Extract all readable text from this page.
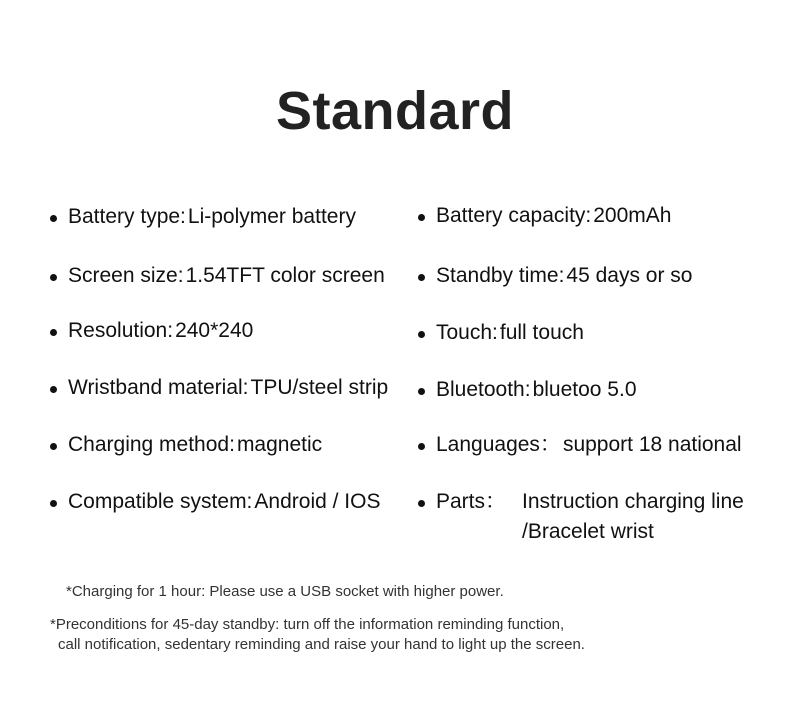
Standard
Battery type: Li-polymer battery
Screen size: 1.54TFT color screen
Resolution: 240*240
Wristband material: TPU/steel strip
Charging method: magnetic
Compatible system: Android / IOS
Battery capacity: 200mAh
Standby time: 45 days or so
Touch: full touch
Bluetooth: bluetoo 5.0
Languages： support 18 national
Parts： Instruction charging line
/Bracelet wrist
*Charging for 1 hour: Please use a USB socket with higher power.
*Preconditions for 45-day standby: turn off the information reminding function,
call notification, sedentary reminding and raise your hand to light up the screen.
